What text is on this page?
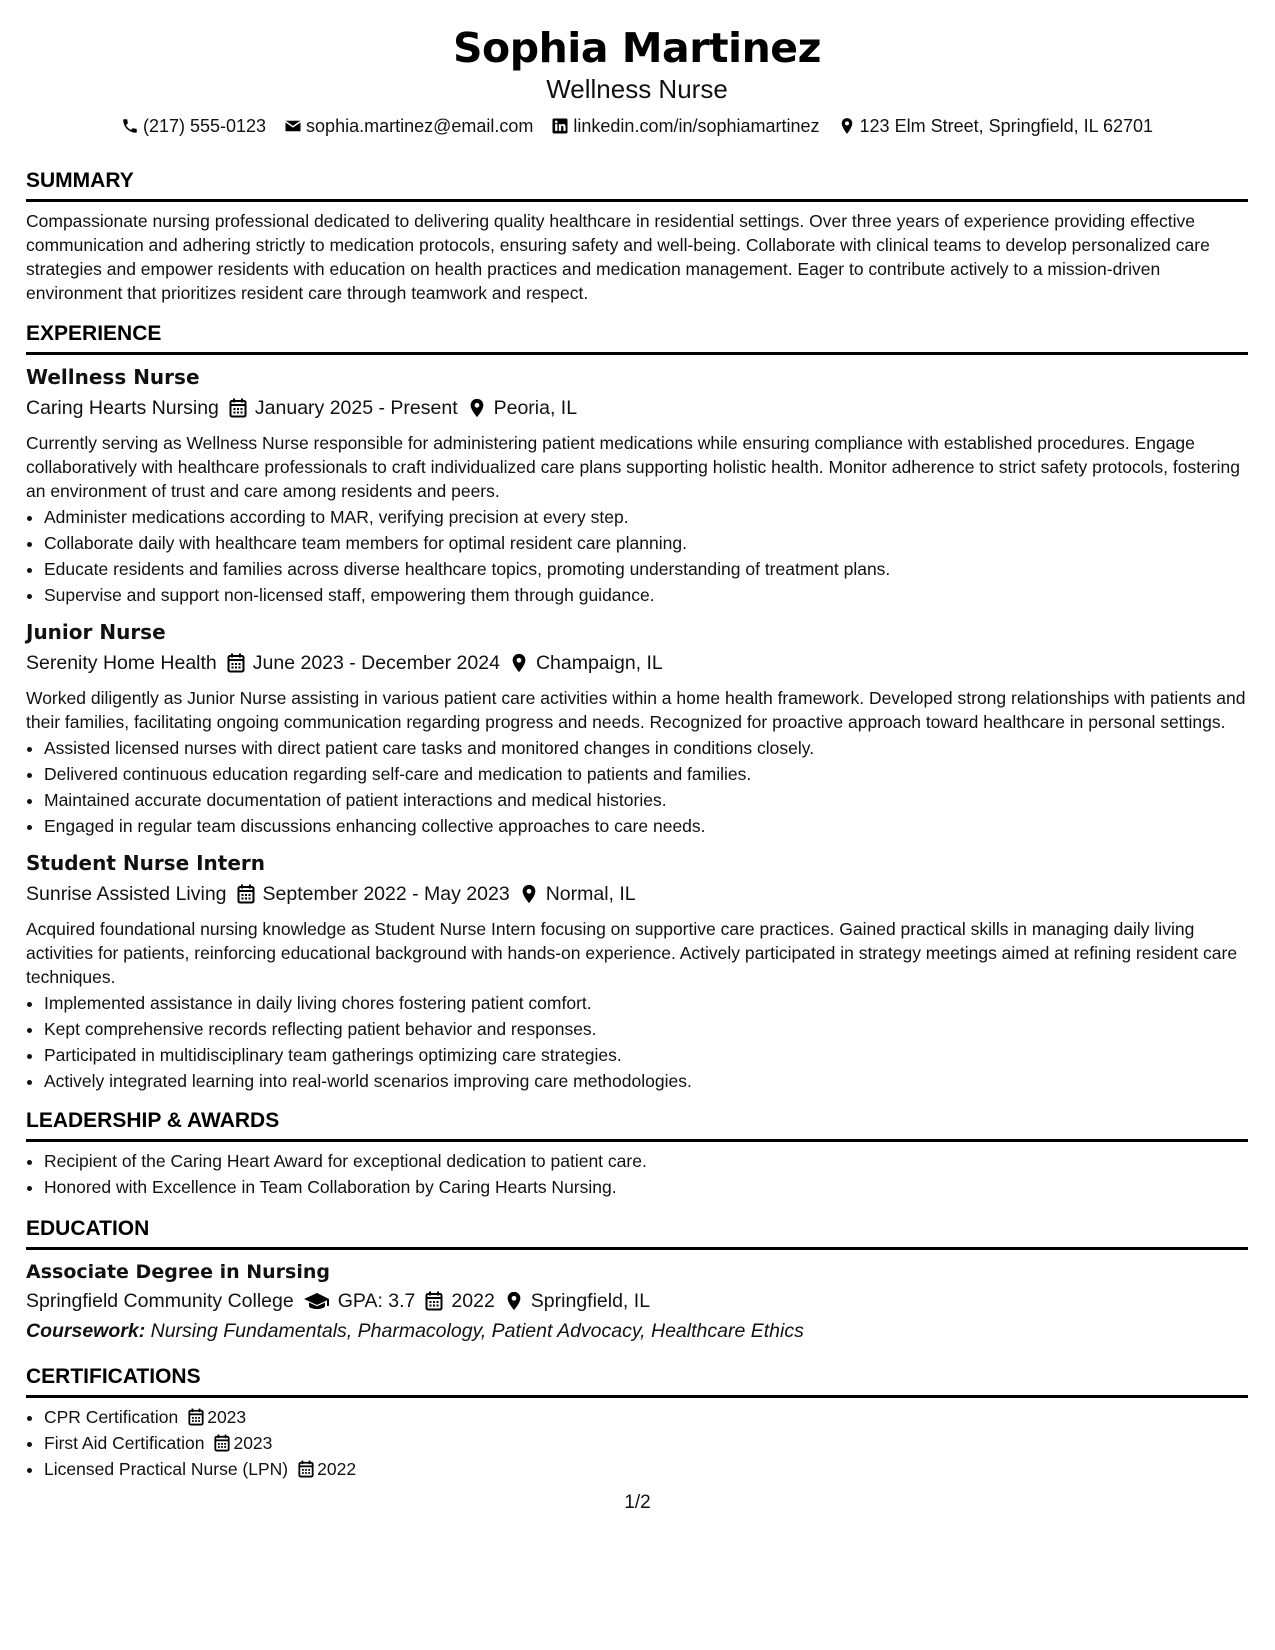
Sophia Martinez
Wellness Nurse
(217) 555-0123 sophia.martinez@email.com linkedin.com/in/sophiamartinez 123 Elm Street, Springfield, IL 62701
SUMMARY
Compassionate nursing professional dedicated to delivering quality healthcare in residential settings. Over three years of experience providing effective communication and adhering strictly to medication protocols, ensuring safety and well-being. Collaborate with clinical teams to develop personalized care strategies and empower residents with education on health practices and medication management. Eager to contribute actively to a mission-driven environment that prioritizes resident care through teamwork and respect.
EXPERIENCE
Wellness Nurse
Caring Hearts Nursing January 2025 - Present Peoria, IL
Currently serving as Wellness Nurse responsible for administering patient medications while ensuring compliance with established procedures. Engage collaboratively with healthcare professionals to craft individualized care plans supporting holistic health. Monitor adherence to strict safety protocols, fostering an environment of trust and care among residents and peers.
• Administer medications according to MAR, verifying precision at every step.
• Collaborate daily with healthcare team members for optimal resident care planning.
• Educate residents and families across diverse healthcare topics, promoting understanding of treatment plans.
• Supervise and support non-licensed staff, empowering them through guidance.
Junior Nurse
Serenity Home Health June 2023 - December 2024 Champaign, IL
Worked diligently as Junior Nurse assisting in various patient care activities within a home health framework. Developed strong relationships with patients and their families, facilitating ongoing communication regarding progress and needs. Recognized for proactive approach toward healthcare in personal settings.
• Assisted licensed nurses with direct patient care tasks and monitored changes in conditions closely.
• Delivered continuous education regarding self-care and medication to patients and families.
• Maintained accurate documentation of patient interactions and medical histories.
• Engaged in regular team discussions enhancing collective approaches to care needs.
Student Nurse Intern
Sunrise Assisted Living September 2022 - May 2023 Normal, IL
Acquired foundational nursing knowledge as Student Nurse Intern focusing on supportive care practices. Gained practical skills in managing daily living activities for patients, reinforcing educational background with hands-on experience. Actively participated in strategy meetings aimed at refining resident care techniques.
• Implemented assistance in daily living chores fostering patient comfort.
• Kept comprehensive records reflecting patient behavior and responses.
• Participated in multidisciplinary team gatherings optimizing care strategies.
• Actively integrated learning into real-world scenarios improving care methodologies.
LEADERSHIP & AWARDS
• Recipient of the Caring Heart Award for exceptional dedication to patient care.
• Honored with Excellence in Team Collaboration by Caring Hearts Nursing.
EDUCATION
Associate Degree in Nursing
Springfield Community College GPA: 3.7 2022 Springfield, IL
Coursework: Nursing Fundamentals, Pharmacology, Patient Advocacy, Healthcare Ethics
CERTIFICATIONS
• CPR Certification 2023
• First Aid Certification 2023
• Licensed Practical Nurse (LPN) 2022
1/2
